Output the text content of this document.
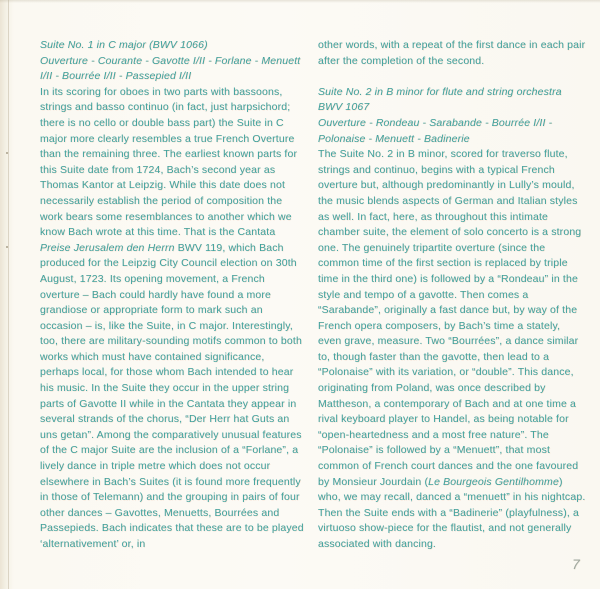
Suite No. 1 in C major (BWV 1066)
Ouverture - Courante - Gavotte I/II - Forlane - Menuett I/II - Bourrée I/II - Passepied I/II

In its scoring for oboes in two parts with bassoons, strings and basso continuo (in fact, just harpsichord; there is no cello or double bass part) the Suite in C major more clearly resembles a true French Overture than the remaining three. The earliest known parts for this Suite date from 1724, Bach’s second year as Thomas Kantor at Leipzig. While this date does not necessarily establish the period of composition the work bears some resemblances to another which we know Bach wrote at this time. That is the Cantata Preise Jerusalem den Herrn BWV 119, which Bach produced for the Leipzig City Council election on 30th August, 1723. Its opening movement, a French overture – Bach could hardly have found a more grandiose or appropriate form to mark such an occasion – is, like the Suite, in C major. Interestingly, too, there are military-sounding motifs common to both works which must have contained significance, perhaps local, for those whom Bach intended to hear his music. In the Suite they occur in the upper string parts of Gavotte II while in the Cantata they appear in several strands of the chorus, “Der Herr hat Guts an uns getan”. Among the comparatively unusual features of the C major Suite are the inclusion of a “Forlane”, a lively dance in triple metre which does not occur elsewhere in Bach’s Suites (it is found more frequently in those of Telemann) and the grouping in pairs of four other dances – Gavottes, Menuetts, Bourrées and Passepieds. Bach indicates that these are to be played ‘alternativement’ or, in

other words, with a repeat of the first dance in each pair after the completion of the second.

Suite No. 2 in B minor for flute and string orchestra
BWV 1067
Ouverture - Rondeau - Sarabande - Bourrée I/II - Polonaise - Menuett - Badinerie

The Suite No. 2 in B minor, scored for traverso flute, strings and continuo, begins with a typical French overture but, although predominantly in Lully’s mould, the music blends aspects of German and Italian styles as well. In fact, here, as throughout this intimate chamber suite, the element of solo concerto is a strong one. The genuinely tripartite overture (since the common time of the first section is replaced by triple time in the third one) is followed by a “Rondeau” in the style and tempo of a gavotte. Then comes a “Sarabande”, originally a fast dance but, by way of the French opera composers, by Bach’s time a stately, even grave, measure. Two “Bourrées”, a dance similar to, though faster than the gavotte, then lead to a “Polonaise” with its variation, or “double”. This dance, originating from Poland, was once described by Mattheson, a contemporary of Bach and at one time a rival keyboard player to Handel, as being notable for “open-heartedness and a most free nature”. The “Polonaise” is followed by a “Menuett”, that most common of French court dances and the one favoured by Monsieur Jourdain (Le Bourgeois Gentilhomme) who, we may recall, danced a “menuett” in his nightcap. Then the Suite ends with a “Badinerie” (playfulness), a virtuoso show-piece for the flautist, and not generally associated with dancing.

7
